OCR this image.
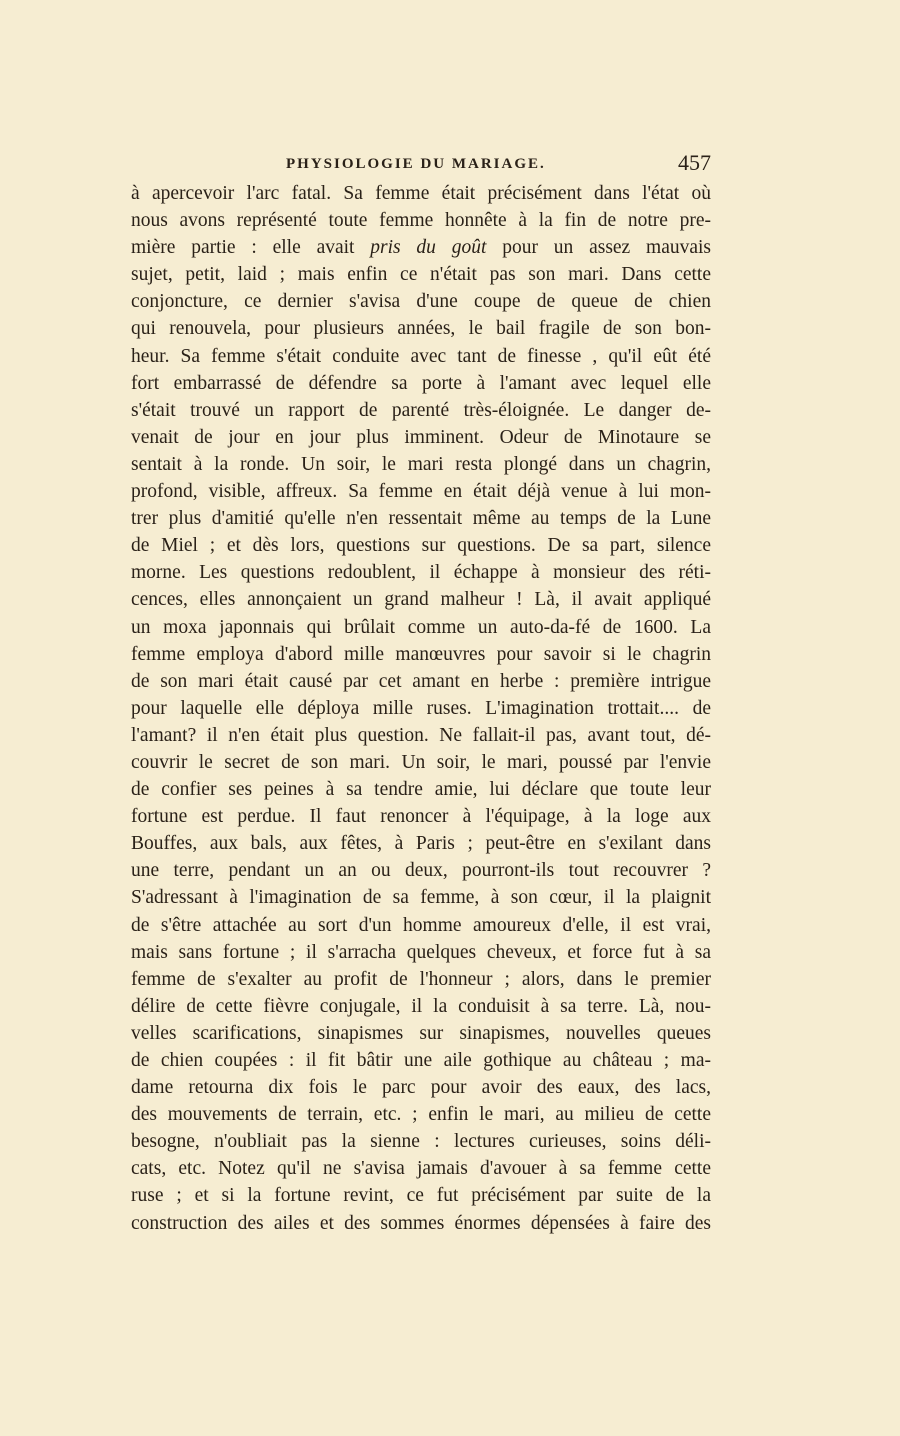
PHYSIOLOGIE DU MARIAGE.	457
à apercevoir l'arc fatal. Sa femme était précisément dans l'état où
nous avons représenté toute femme honnête à la fin de notre pre-
mière partie : elle avait pris du goût pour un assez mauvais
sujet, petit, laid ; mais enfin ce n'était pas son mari. Dans cette
conjoncture, ce dernier s'avisa d'une coupe de queue de chien
qui renouvela, pour plusieurs années, le bail fragile de son bon-
heur. Sa femme s'était conduite avec tant de finesse , qu'il eût été
fort embarrassé de défendre sa porte à l'amant avec lequel elle
s'était trouvé un rapport de parenté très-éloignée. Le danger de-
venait de jour en jour plus imminent. Odeur de Minotaure se
sentait à la ronde. Un soir, le mari resta plongé dans un chagrin,
profond, visible, affreux. Sa femme en était déjà venue à lui mon-
trer plus d'amitié qu'elle n'en ressentait même au temps de la Lune
de Miel ; et dès lors, questions sur questions. De sa part, silence
morne. Les questions redoublent, il échappe à monsieur des réti-
cences, elles annonçaient un grand malheur ! Là, il avait appliqué
un moxa japonnais qui brûlait comme un auto-da-fé de 1600. La
femme employa d'abord mille manœuvres pour savoir si le chagrin
de son mari était causé par cet amant en herbe : première intrigue
pour laquelle elle déploya mille ruses. L'imagination trottait.... de
l'amant? il n'en était plus question. Ne fallait-il pas, avant tout, dé-
couvrir le secret de son mari. Un soir, le mari, poussé par l'envie
de confier ses peines à sa tendre amie, lui déclare que toute leur
fortune est perdue. Il faut renoncer à l'équipage, à la loge aux
Bouffes, aux bals, aux fêtes, à Paris ; peut-être en s'exilant dans
une terre, pendant un an ou deux, pourront-ils tout recouvrer ?
S'adressant à l'imagination de sa femme, à son cœur, il la plaignit
de s'être attachée au sort d'un homme amoureux d'elle, il est vrai,
mais sans fortune ; il s'arracha quelques cheveux, et force fut à sa
femme de s'exalter au profit de l'honneur ; alors, dans le premier
délire de cette fièvre conjugale, il la conduisit à sa terre. Là, nou-
velles scarifications, sinapismes sur sinapismes, nouvelles queues
de chien coupées : il fit bâtir une aile gothique au château ; ma-
dame retourna dix fois le parc pour avoir des eaux, des lacs,
des mouvements de terrain, etc. ; enfin le mari, au milieu de cette
besogne, n'oubliait pas la sienne : lectures curieuses, soins déli-
cats, etc. Notez qu'il ne s'avisa jamais d'avouer à sa femme cette
ruse ; et si la fortune revint, ce fut précisément par suite de la
construction des ailes et des sommes énormes dépensées à faire des
